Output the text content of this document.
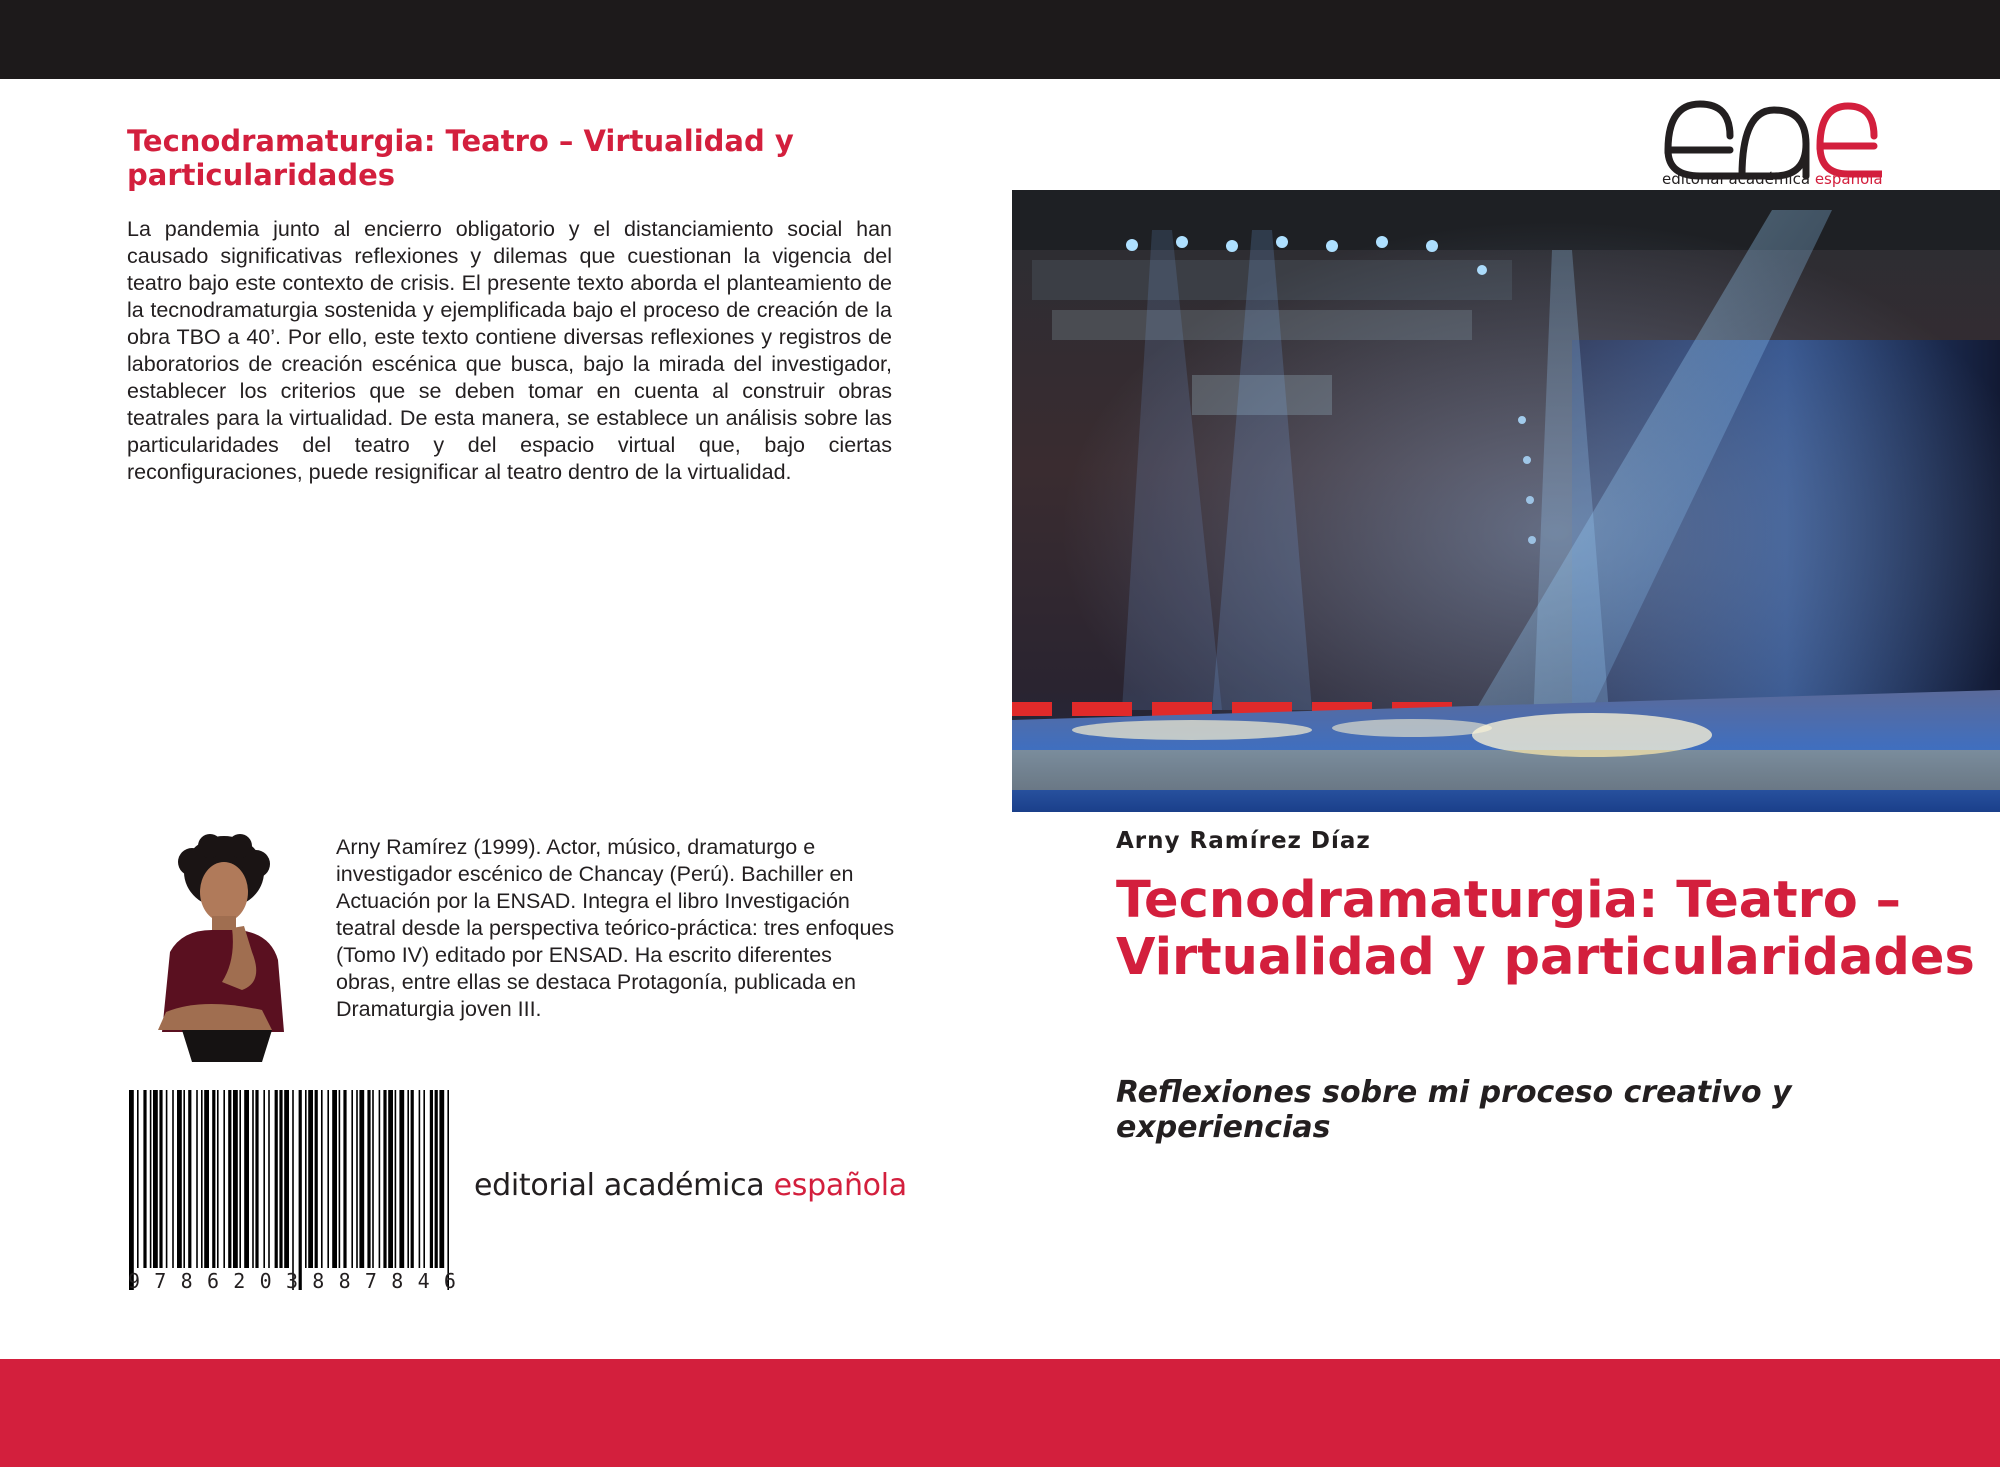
Tecnodramaturgia: Teatro – Virtualidad y particularidades
La pandemia junto al encierro obligatorio y el distanciamiento social han causado significativas reflexiones y dilemas que cuestionan la vigencia del teatro bajo este contexto de crisis. El presente texto aborda el planteamiento de la tecnodramaturgia sostenida y ejemplificada bajo el proceso de creación de la obra TBO a 40’. Por ello, este texto contiene diversas reflexiones y registros de laboratorios de creación escénica que busca, bajo la mirada del investigador, establecer los criterios que se deben tomar en cuenta al construir obras teatrales para la virtualidad. De esta manera, se establece un análisis sobre las particularidades del teatro y del espacio virtual que, bajo ciertas reconfiguraciones, puede resignificar al teatro dentro de la virtualidad.
Arny Ramírez (1999). Actor, músico, dramaturgo e investigador escénico de Chancay (Perú). Bachiller en Actuación por la ENSAD. Integra el libro Investigación teatral desde la perspectiva teórico-práctica: tres enfoques (Tomo IV) editado por ENSAD. Ha escrito diferentes obras, entre ellas se destaca Protagonía, publicada en Dramaturgia joven III.
9 7 8 6 2 0 3 8 8 7 8 4 6
editorial académica española
editorial académica española
Arny Ramírez Díaz
Tecnodramaturgia: Teatro – Virtualidad y particularidades
Reflexiones sobre mi proceso creativo y experiencias
